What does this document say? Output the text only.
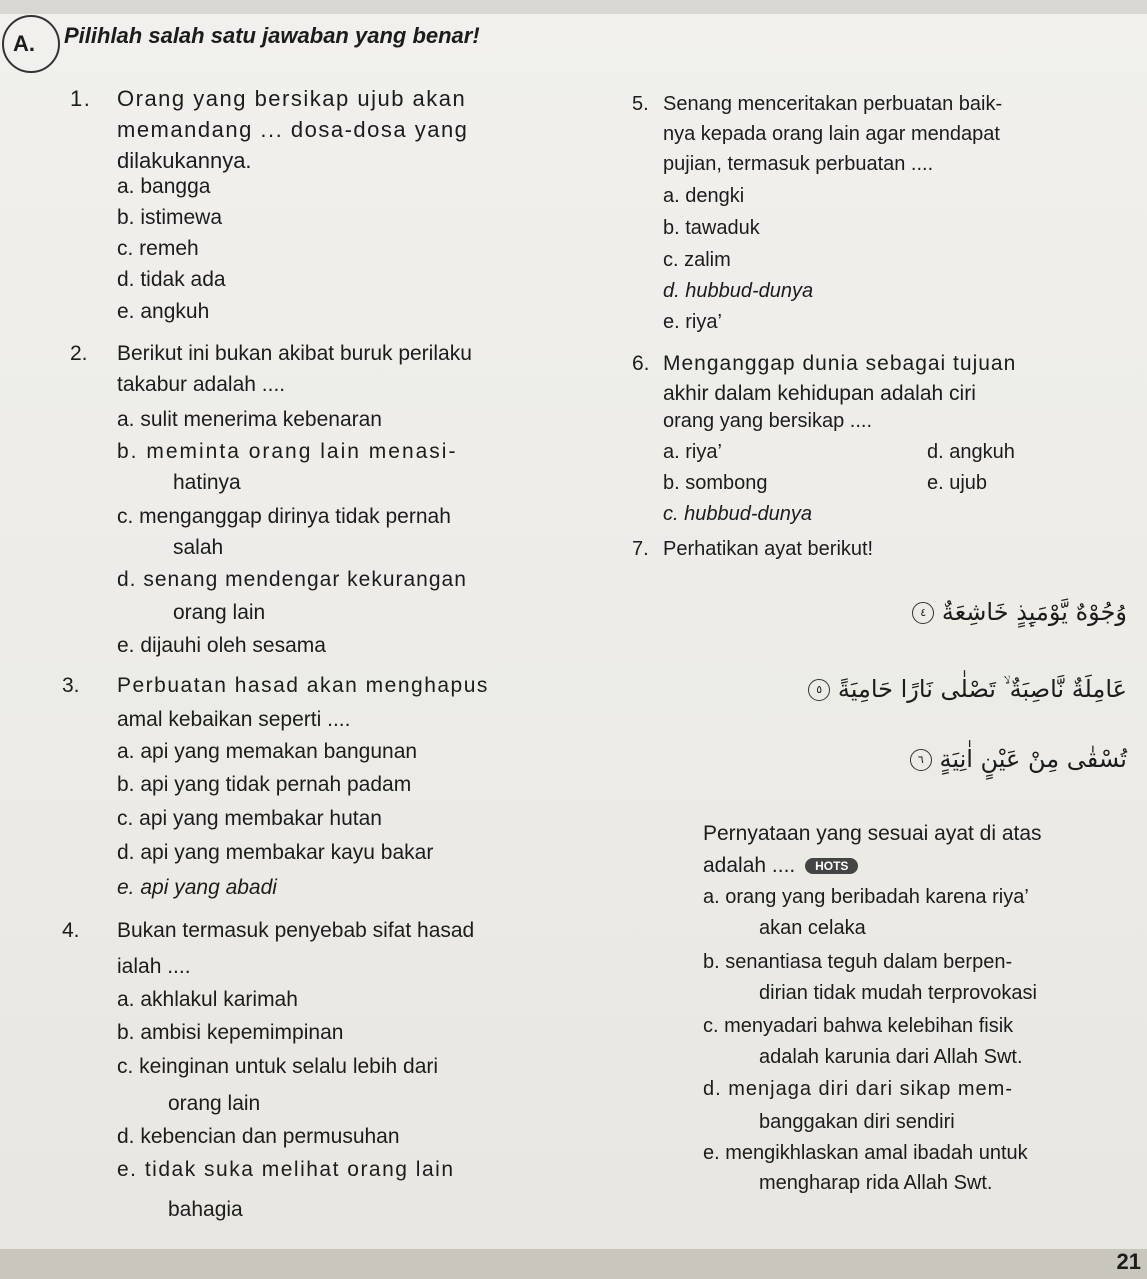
A.	Pilihlah salah satu jawaban yang benar!
1. Orang yang bersikap ujub akan
memandang ... dosa-dosa yang
dilakukannya.
a. bangga
b. istimewa
c. remeh
d. tidak ada
e. angkuh
2. Berikut ini bukan akibat buruk perilaku
takabur adalah ....
a. sulit menerima kebenaran
b. meminta orang lain menasi-
hatinya
c. menganggap dirinya tidak pernah
salah
d. senang mendengar kekurangan
orang lain
e. dijauhi oleh sesama
3. Perbuatan hasad akan menghapus
amal kebaikan seperti ....
a. api yang memakan bangunan
b. api yang tidak pernah padam
c. api yang membakar hutan
d. api yang membakar kayu bakar
e. api yang abadi
4. Bukan termasuk penyebab sifat hasad
ialah ....
a. akhlakul karimah
b. ambisi kepemimpinan
c. keinginan untuk selalu lebih dari
orang lain
d. kebencian dan permusuhan
e. tidak suka melihat orang lain
bahagia
5. Senang menceritakan perbuatan baik-
nya kepada orang lain agar mendapat
pujian, termasuk perbuatan ....
a. dengki
b. tawaduk
c. zalim
d. hubbud-dunya
e. riya’
6. Menganggap dunia sebagai tujuan
akhir dalam kehidupan adalah ciri
orang yang bersikap ....
a. riya’	d. angkuh
b. sombong	e. ujub
c. hubbud-dunya
7. Perhatikan ayat berikut!
وُجُوْهٌ يَّوْمَىِٕذٍ خَاشِعَةٌ ٤
عَامِلَةٌ نَّاصِبَةٌ ۙ تَصْلٰى نَارًا حَامِيَةً ٥
تُسْقٰى مِنْ عَيْنٍ اٰنِيَةٍ ٦
Pernyataan yang sesuai ayat di atas
adalah .... HOTS
a. orang yang beribadah karena riya’
akan celaka
b. senantiasa teguh dalam berpen-
dirian tidak mudah terprovokasi
c. menyadari bahwa kelebihan fisik
adalah karunia dari Allah Swt.
d. menjaga diri dari sikap mem-
banggakan diri sendiri
e. mengikhlaskan amal ibadah untuk
mengharap rida Allah Swt.
21
